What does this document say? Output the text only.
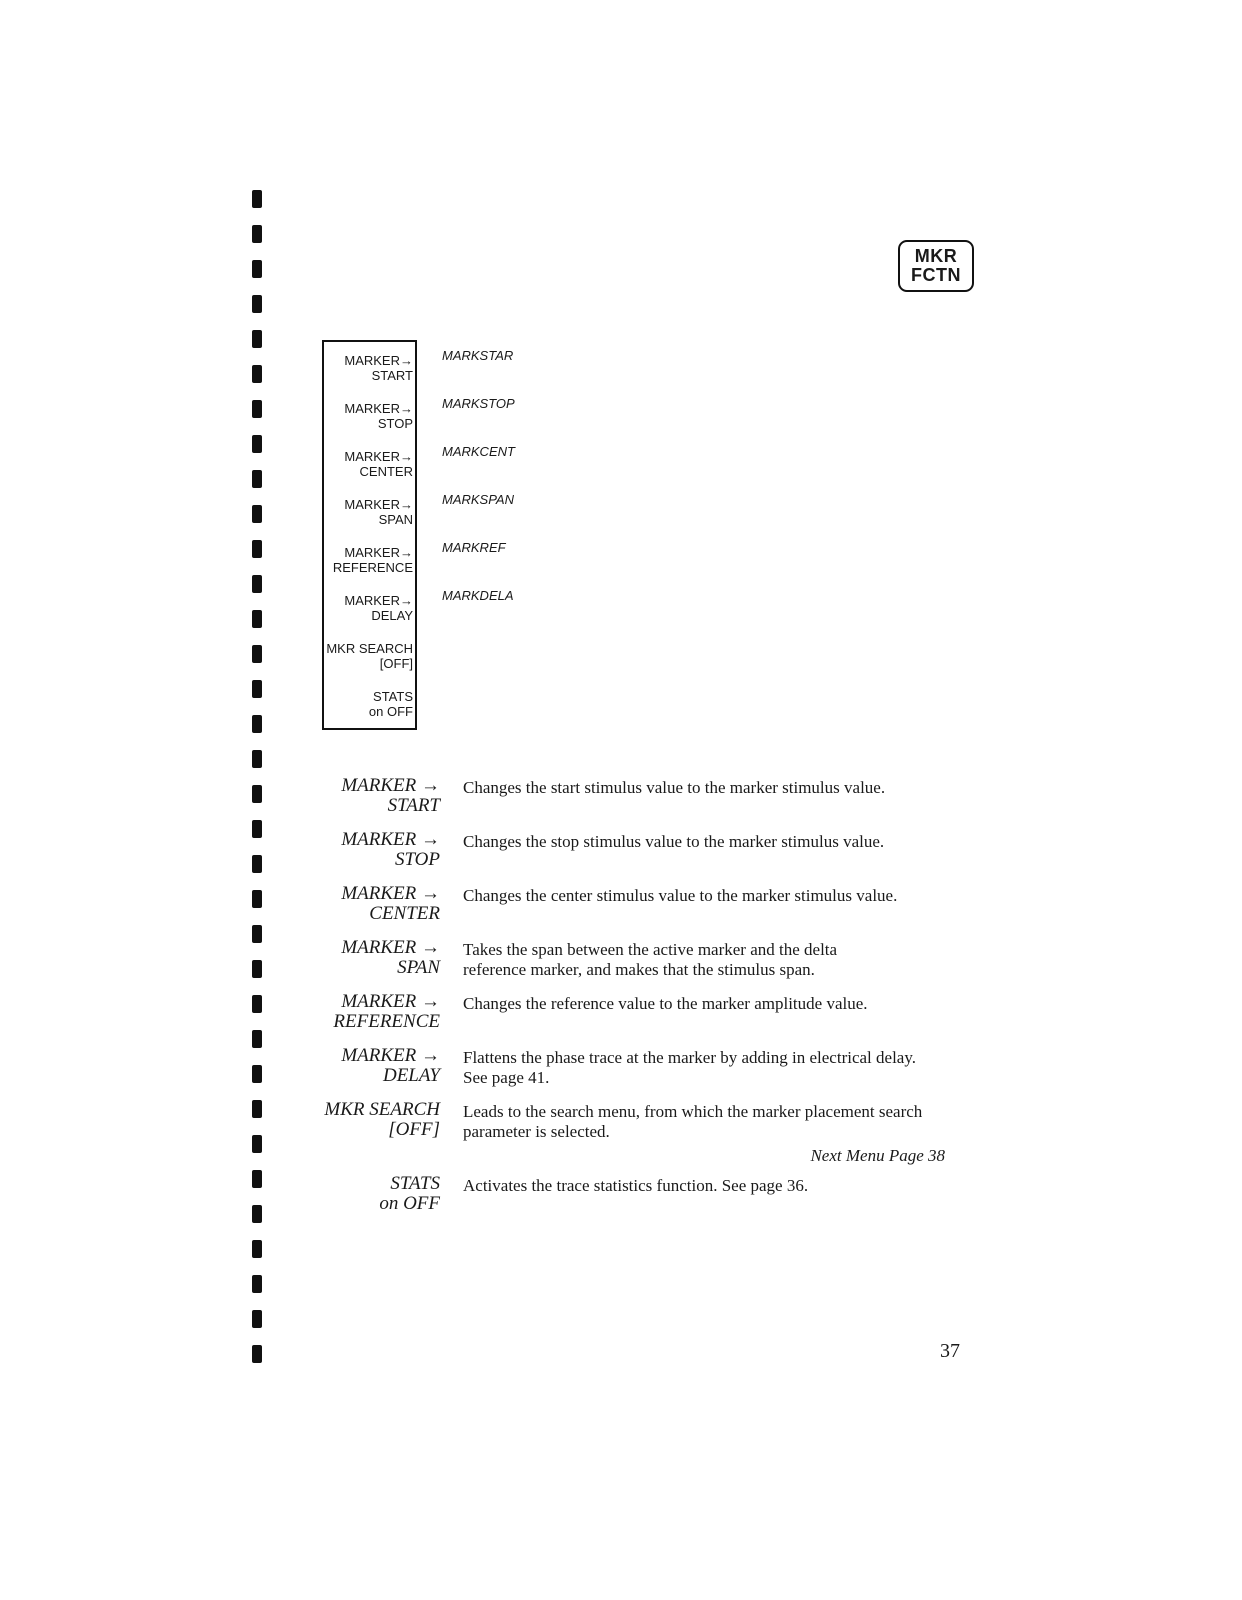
MKR
FCTN
MARKER→
START
MARKER→
STOP
MARKER→
CENTER
MARKER→
SPAN
MARKER→
REFERENCE
MARKER→
DELAY
MKR SEARCH
[OFF]
STATS
on OFF
MARKSTAR
MARKSTOP
MARKCENT
MARKSPAN
MARKREF
MARKDELA
MARKER →
START
Changes the start stimulus value to the marker stimulus value.
MARKER →
STOP
Changes the stop stimulus value to the marker stimulus value.
MARKER →
CENTER
Changes the center stimulus value to the marker stimulus value.
MARKER →
SPAN
Takes the span between the active marker and the delta reference marker, and makes that the stimulus span.
MARKER →
REFERENCE
Changes the reference value to the marker amplitude value.
MARKER →
DELAY
Flattens the phase trace at the marker by adding in electrical delay. See page 41.
MKR SEARCH
[OFF]
Leads to the search menu, from which the marker placement search parameter is selected.
Next Menu Page 38
STATS
on OFF
Activates the trace statistics function. See page 36.
37
